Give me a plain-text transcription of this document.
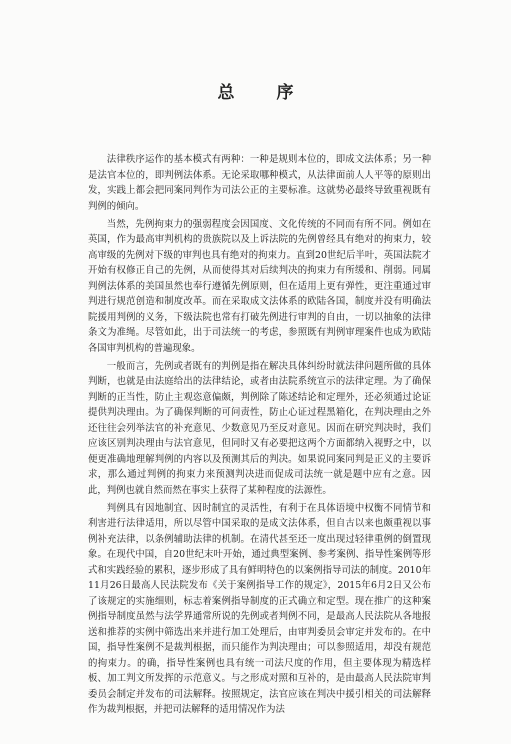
总 序

法律秩序运作的基本模式有两种：一种是规则本位的，即成文法体系；另一种是法官本位的，即判例法体系。无论采取哪种模式，从法律面前人人平等的原则出发，实践上都会把同案同判作为司法公正的主要标准。这就势必最终导致重视既有判例的倾向。

当然，先例拘束力的强弱程度会因国度、文化传统的不同而有所不同。例如在英国，作为最高审判机构的贵族院以及上诉法院的先例曾经具有绝对的拘束力，较高审级的先例对下级的审判也具有绝对的拘束力。直到20世纪后半叶，英国法院才开始有权修正自己的先例，从而使得其对后续判决的拘束力有所缓和、削弱。同属判例法体系的美国虽然也奉行遵循先例原则，但在适用上更有弹性，更注重通过审判进行规范创造和制度改革。而在采取成文法体系的欧陆各国，制度并没有明确法院援用判例的义务，下级法院也常有打破先例进行审判的自由，一切以抽象的法律条文为准绳。尽管如此，出于司法统一的考虑，参照既有判例审理案件也成为欧陆各国审判机构的普遍现象。

一般而言，先例或者既有的判例是指在解决具体纠纷时就法律问题所做的具体判断，也就是由法庭给出的法律结论，或者由法院系统宣示的法律定理。为了确保判断的正当性，防止主观恣意偏颇，判例除了陈述结论和定理外，还必须通过论证提供判决理由。为了确保判断的可问责性，防止心证过程黑箱化，在判决理由之外还往往会列举法官的补充意见、少数意见乃至反对意见。因而在研究判决时，我们应该区别判决理由与法官意见，但同时又有必要把这两个方面都纳入视野之中，以便更准确地理解判例的内容以及预测其后的判决。如果说同案同判是正义的主要诉求，那么通过判例的拘束力来预测判决进而促成司法统一就是题中应有之意。因此，判例也就自然而然在事实上获得了某种程度的法源性。

判例具有因地制宜、因时制宜的灵活性，有利于在具体语境中权衡不同情节和利害进行法律适用，所以尽管中国采取的是成文法体系，但自古以来也颇重视以事例补充法律，以条例辅助法律的机制。在清代甚至还一度出现过轻律重例的倒置现象。在现代中国，自20世纪末叶开始，通过典型案例、参考案例、指导性案例等形式和实践经验的累积，逐步形成了具有鲜明特色的以案例指导司法的制度。2010年11月26日最高人民法院发布《关于案例指导工作的规定》，2015年6月2日又公布了该规定的实施细则，标志着案例指导制度的正式确立和定型。现在推广的这种案例指导制度虽然与法学界通常所说的先例或者判例不同，是最高人民法院从各地报送和推荐的实例中筛选出来并进行加工处理后，由审判委员会审定并发布的。在中国，指导性案例不是裁判根据，而只能作为判决理由；可以参照适用，却没有规范的拘束力。的确，指导性案例也具有统一司法尺度的作用，但主要体现为精选样板、加工判文所发挥的示范意义。与之形成对照和互补的，是由最高人民法院审判委员会制定并发布的司法解释。按照规定，法官应该在判决中援引相关的司法解释作为裁判根据，并把司法解释的适用情况作为法
